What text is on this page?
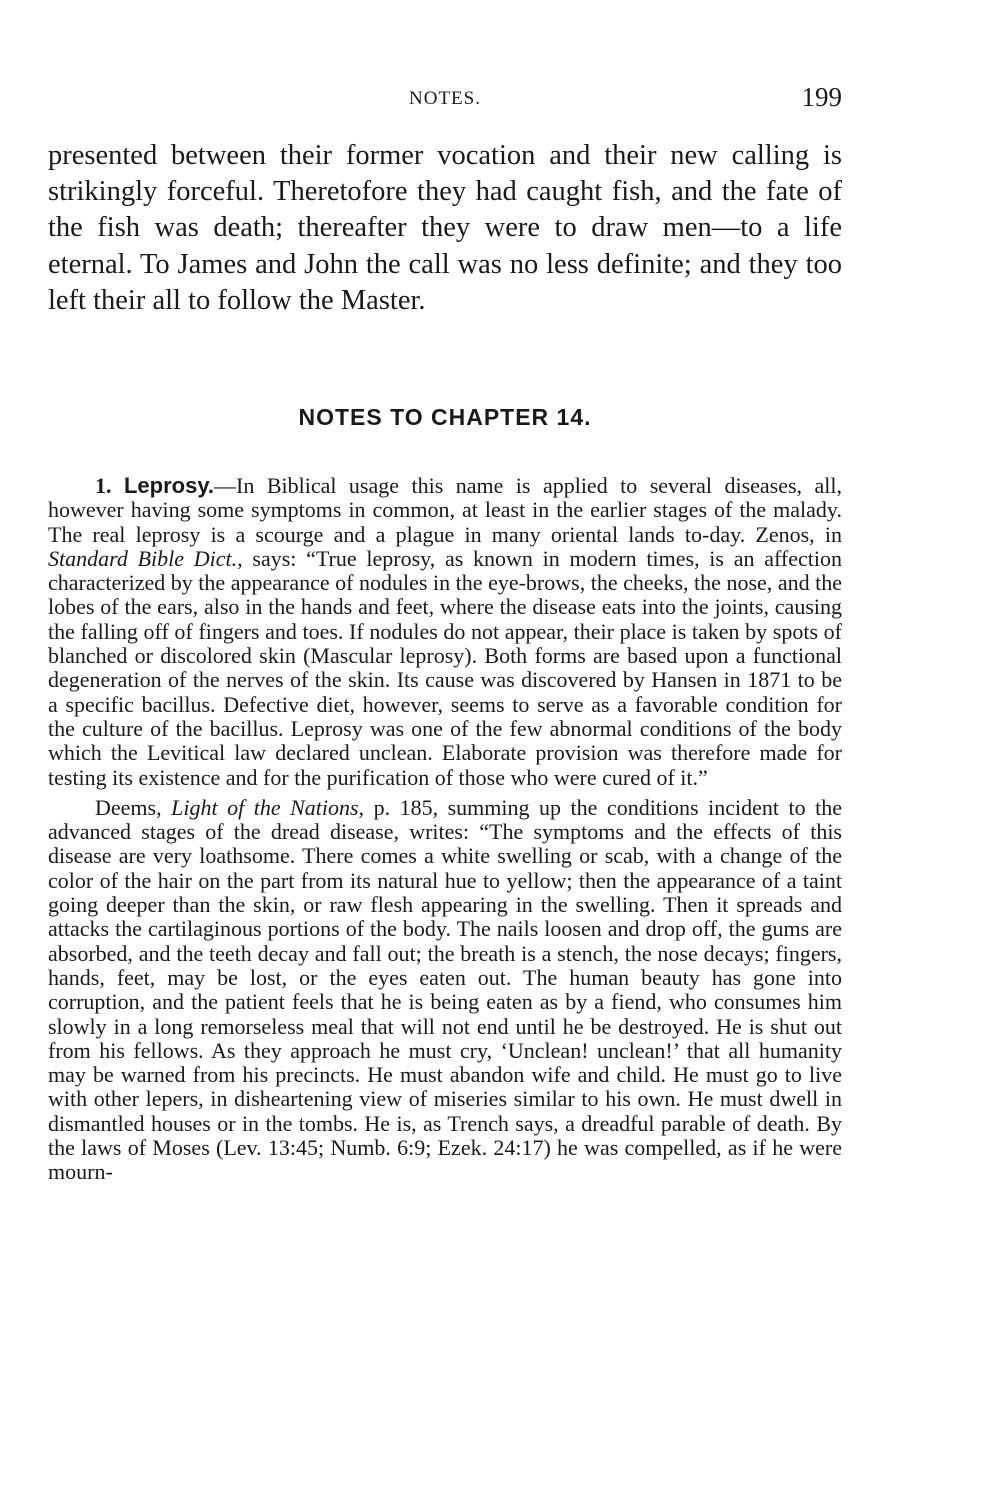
NOTES.	199

presented between their former vocation and their new calling is strikingly forceful. Theretofore they had caught fish, and the fate of the fish was death; thereafter they were to draw men—to a life eternal. To James and John the call was no less definite; and they too left their all to follow the Master.

NOTES TO CHAPTER 14.

1. Leprosy.—In Biblical usage this name is applied to several diseases, all, however having some symptoms in common, at least in the earlier stages of the malady. The real leprosy is a scourge and a plague in many oriental lands to-day. Zenos, in Standard Bible Dict., says: “True leprosy, as known in modern times, is an affection characterized by the appearance of nodules in the eye-brows, the cheeks, the nose, and the lobes of the ears, also in the hands and feet, where the disease eats into the joints, causing the falling off of fingers and toes. If nodules do not appear, their place is taken by spots of blanched or discolored skin (Mascular leprosy). Both forms are based upon a functional degeneration of the nerves of the skin. Its cause was discovered by Hansen in 1871 to be a specific bacillus. Defective diet, however, seems to serve as a favorable condition for the culture of the bacillus. Leprosy was one of the few abnormal conditions of the body which the Levitical law declared unclean. Elaborate provision was therefore made for testing its existence and for the purification of those who were cured of it.”

Deems, Light of the Nations, p. 185, summing up the conditions incident to the advanced stages of the dread disease, writes: “The symptoms and the effects of this disease are very loathsome. There comes a white swelling or scab, with a change of the color of the hair on the part from its natural hue to yellow; then the appearance of a taint going deeper than the skin, or raw flesh appearing in the swelling. Then it spreads and attacks the cartilaginous portions of the body. The nails loosen and drop off, the gums are absorbed, and the teeth decay and fall out; the breath is a stench, the nose decays; fingers, hands, feet, may be lost, or the eyes eaten out. The human beauty has gone into corruption, and the patient feels that he is being eaten as by a fiend, who consumes him slowly in a long remorseless meal that will not end until he be destroyed. He is shut out from his fellows. As they approach he must cry, ‘Unclean! unclean!’ that all humanity may be warned from his precincts. He must abandon wife and child. He must go to live with other lepers, in disheartening view of miseries similar to his own. He must dwell in dismantled houses or in the tombs. He is, as Trench says, a dreadful parable of death. By the laws of Moses (Lev. 13:45; Numb. 6:9; Ezek. 24:17) he was compelled, as if he were mourn-
